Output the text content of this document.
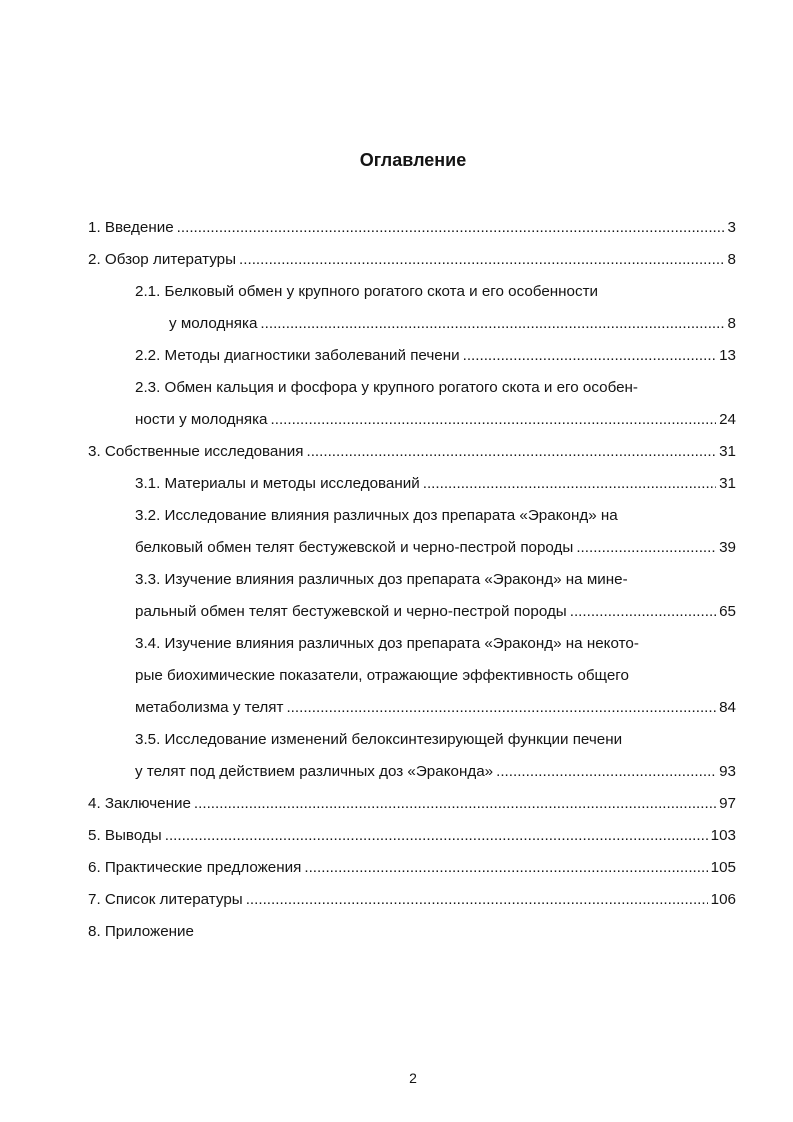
Оглавление
1. Введение .....	3
2. Обзор литературы .....	8
2.1. Белковый обмен у крупного рогатого скота и его особенности
у молодняка .....	8
2.2. Методы диагностики заболеваний печени .....	13
2.3. Обмен кальция и фосфора у крупного рогатого скота и его особен-
ности у молодняка .....	24
3. Собственные исследования .....	31
3.1. Материалы и методы исследований .....	31
3.2. Исследование влияния различных доз препарата «Эраконд» на
белковый обмен телят бестужевской и черно-пестрой породы .....	39
3.3. Изучение влияния различных доз препарата «Эраконд» на мине-
ральный обмен телят бестужевской и черно-пестрой породы .....	65
3.4. Изучение влияния различных доз препарата «Эраконд» на некото-
рые биохимические показатели, отражающие эффективность общего
метаболизма у телят .....	84
3.5. Исследование изменений белоксинтезирующей функции печени
у телят под действием различных доз «Эраконда» .....	93
4. Заключение .....	97
5. Выводы .....	103
6. Практические предложения .....	105
7. Список литературы .....	106
8. Приложение
2
